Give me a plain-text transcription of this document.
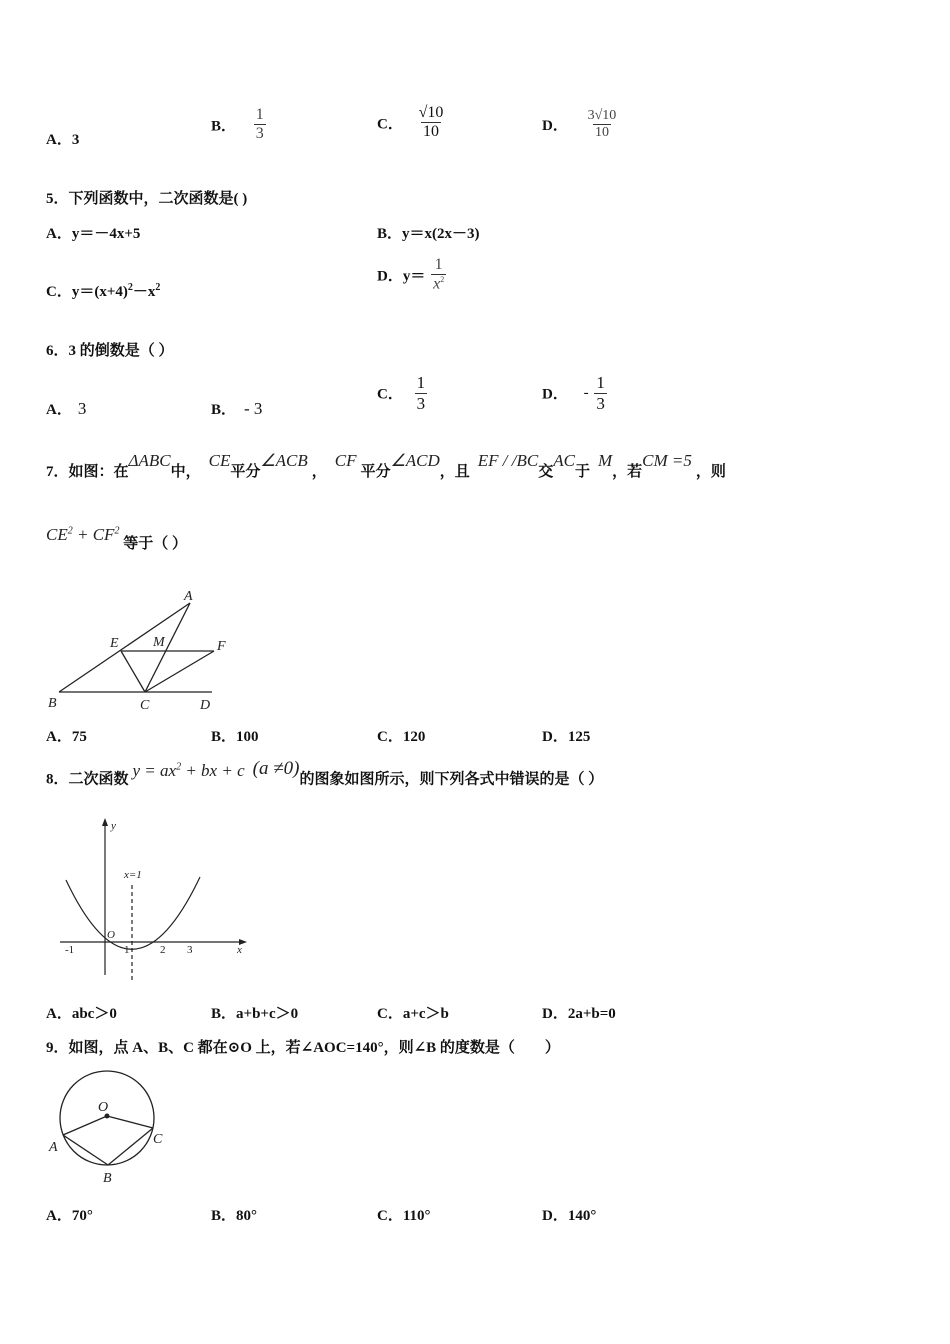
A．3
B． $\frac{1}{3}$	C． $\frac{√10}{10}$	D． $\frac{3√10}{10}$
5．下列函数中，二次函数是( )
A．y＝－4x+5	B．y＝x(2x－3)
C．$y=(x+4)^2-x^2$
D．$y= \frac{1}{x^2}$
6．3 的倒数是（ ）
A． 3	B． - 3
C． $\frac{1}{3}$	D． - $\frac{1}{3}$
7．如图：在ΔABC中，CE平分∠ACB，CF平分∠ACD，且EF / /BC交AC于M，若CM =5，则
$CE^2 + CF^2$ 等于（ ）
A
B	C	D
E	F
M
A．75	B．100	C．120	D．125
8．二次函数 $y = ax^2$ + bx + c (a ≠0)的图象如图所示，则下列各式中错误的是（ ）
y
x
O
x=1
-1	1	2 3
A．abc＞0	B．a+b+c＞0	C．a+c＞b	D．2a+b=0
9．如图，点 A、B、C 都在⊙O 上，若∠AOC=140°，则∠B 的度数是（　　）
O
A
B
C
A．70°	B．80°	C．110°	D．140°
